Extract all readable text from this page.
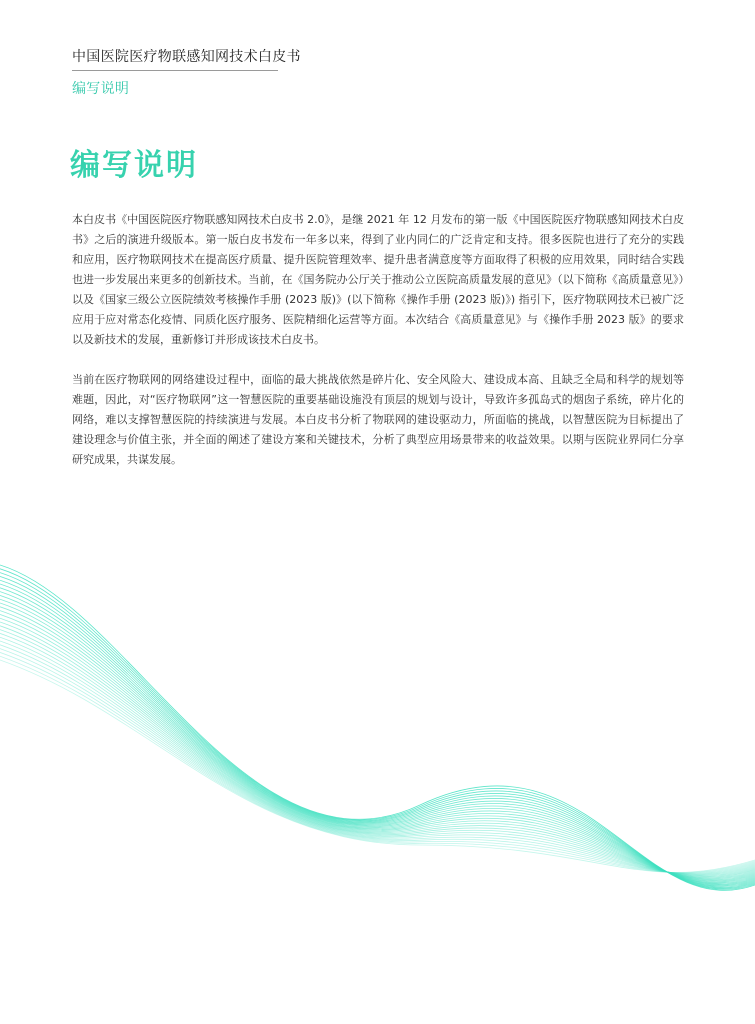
中国医院医疗物联感知网技术白皮书
编写说明
编写说明

本白皮书《中国医院医疗物联感知网技术白皮书 2.0》，是继 2021 年 12 月发布的第一版《中国医院医疗物联感知网技术白皮书》之后的演进升级版本。第一版白皮书发布一年多以来，得到了业内同仁的广泛肯定和支持。很多医院也进行了充分的实践和应用，医疗物联网技术在提高医疗质量、提升医院管理效率、提升患者满意度等方面取得了积极的应用效果，同时结合实践也进一步发展出来更多的创新技术。当前，在《国务院办公厅关于推动公立医院高质量发展的意见》（以下简称《高质量意见》）以及《国家三级公立医院绩效考核操作手册 (2023 版)》(以下简称《操作手册 (2023 版)》) 指引下，医疗物联网技术已被广泛应用于应对常态化疫情、同质化医疗服务、医院精细化运营等方面。本次结合《高质量意见》与《操作手册 2023 版》的要求以及新技术的发展，重新修订并形成该技术白皮书。

当前在医疗物联网的网络建设过程中，面临的最大挑战依然是碎片化、安全风险大、建设成本高、且缺乏全局和科学的规划等难题，因此，对“医疗物联网”这一智慧医院的重要基础设施没有顶层的规划与设计，导致许多孤岛式的烟囱子系统，碎片化的网络，难以支撑智慧医院的持续演进与发展。本白皮书分析了物联网的建设驱动力，所面临的挑战，以智慧医院为目标提出了建设理念与价值主张，并全面的阐述了建设方案和关键技术，分析了典型应用场景带来的收益效果。以期与医院业界同仁分享研究成果，共谋发展。
